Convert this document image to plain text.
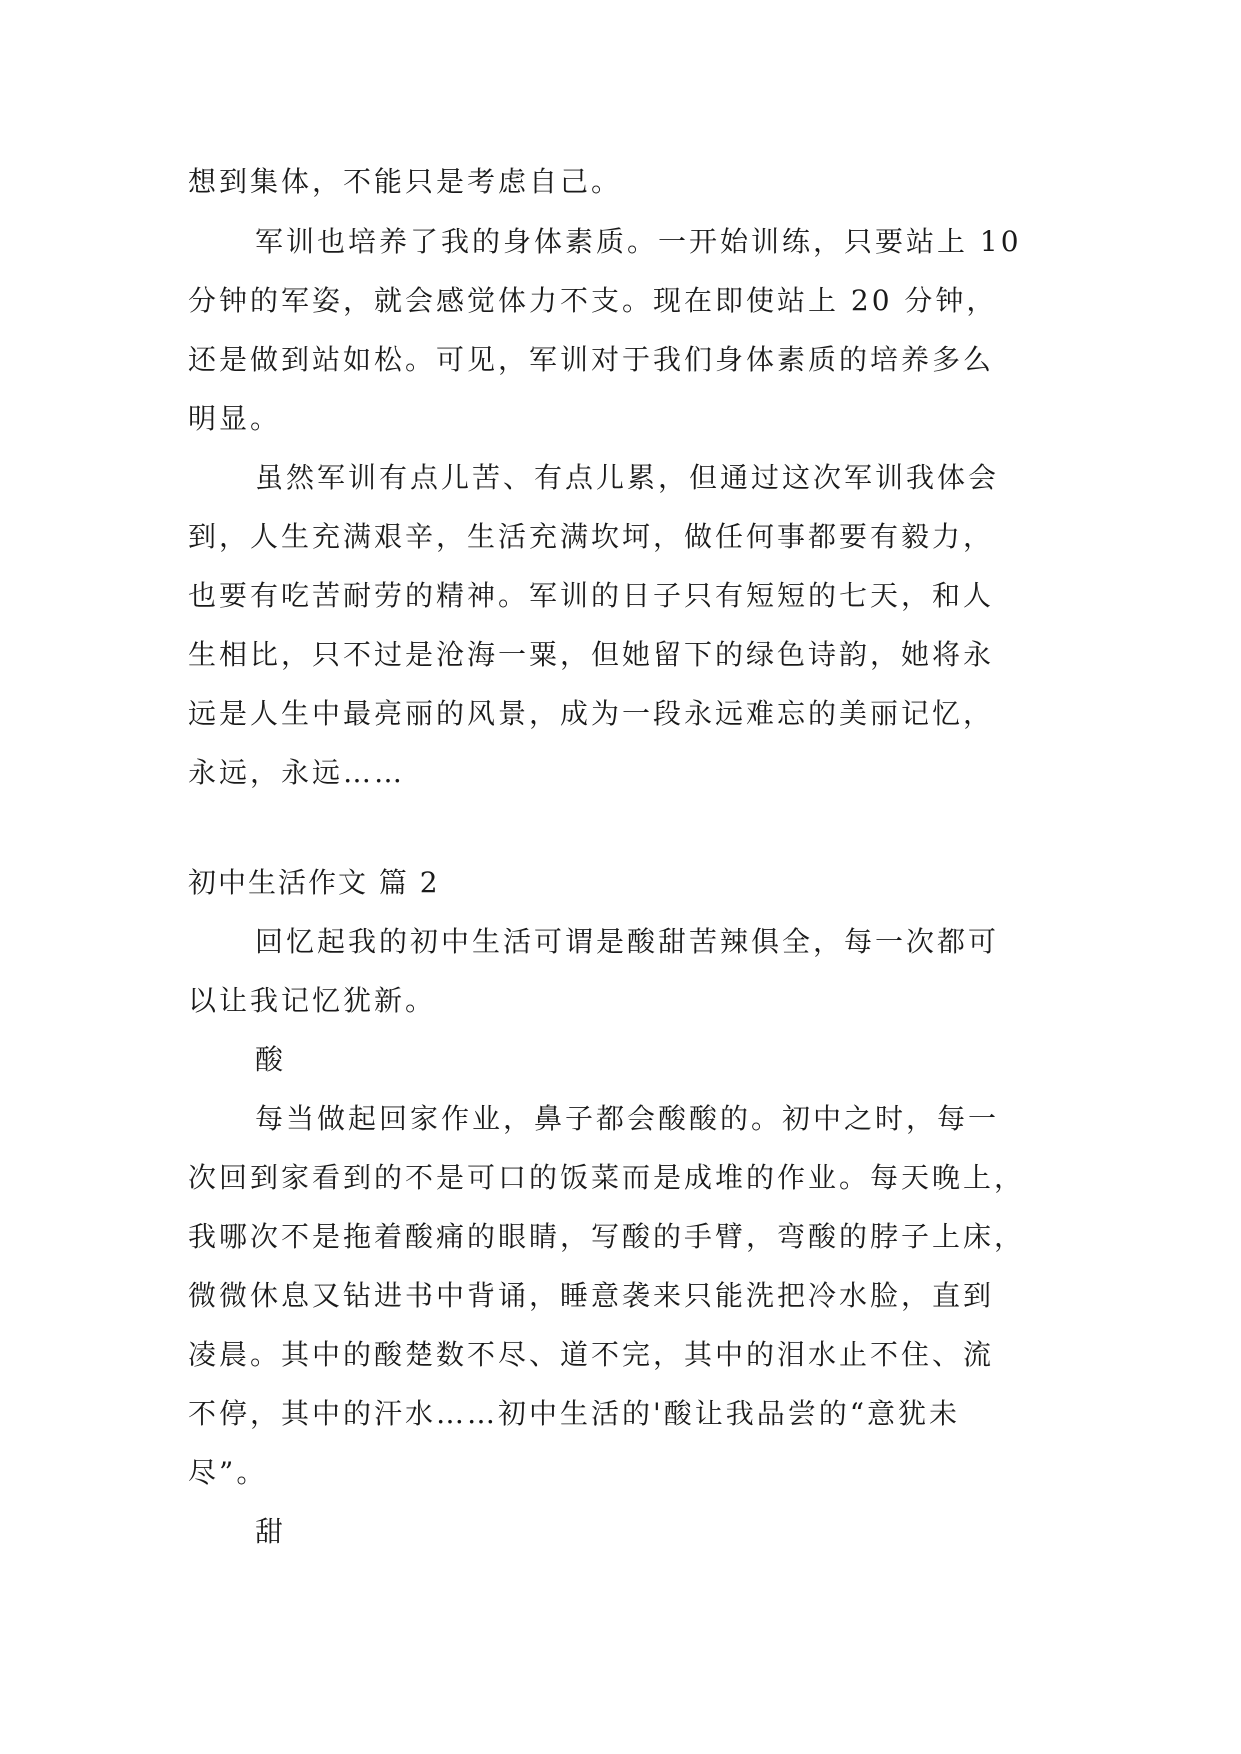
想到集体，不能只是考虑自己。

军训也培养了我的身体素质。一开始训练，只要站上 10

分钟的军姿，就会感觉体力不支。现在即使站上 20 分钟，

还是做到站如松。可见，军训对于我们身体素质的培养多么

明显。

虽然军训有点儿苦、有点儿累，但通过这次军训我体会

到，人生充满艰辛，生活充满坎坷，做任何事都要有毅力，

也要有吃苦耐劳的精神。军训的日子只有短短的七天，和人

生相比，只不过是沧海一粟，但她留下的绿色诗韵，她将永

远是人生中最亮丽的风景，成为一段永远难忘的美丽记忆，

永远，永远……

初中生活作文 篇 2

回忆起我的初中生活可谓是酸甜苦辣俱全，每一次都可

以让我记忆犹新。

酸

每当做起回家作业，鼻子都会酸酸的。初中之时，每一

次回到家看到的不是可口的饭菜而是成堆的作业。每天晚上，

我哪次不是拖着酸痛的眼睛，写酸的手臂，弯酸的脖子上床，

微微休息又钻进书中背诵，睡意袭来只能洗把冷水脸，直到

凌晨。其中的酸楚数不尽、道不完，其中的泪水止不住、流

不停，其中的汗水……初中生活的'酸让我品尝的“意犹未

尽”。

甜
